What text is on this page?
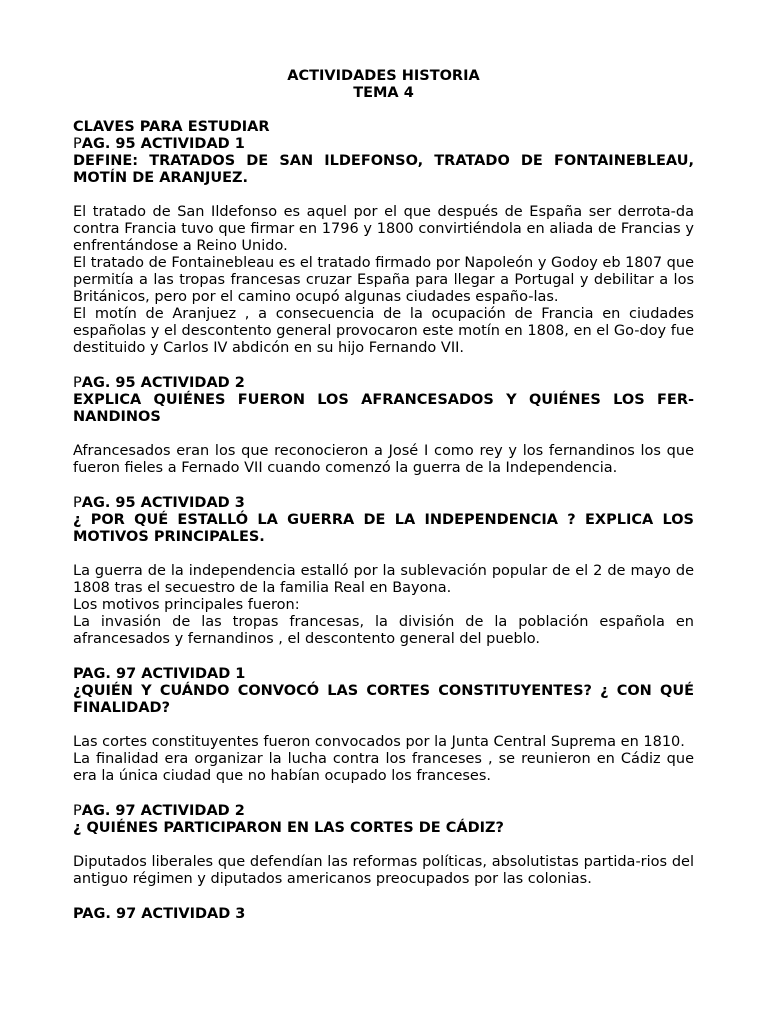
ACTIVIDADES HISTORIA
TEMA 4
CLAVES PARA ESTUDIAR
PAG. 95 ACTIVIDAD 1
DEFINE: TRATADOS DE SAN ILDEFONSO, TRATADO DE FONTAINEBLEAU, MOTÍN DE ARANJUEZ.

El tratado de San Ildefonso es aquel por el que después de España ser derrota-da contra Francia tuvo que firmar en 1796 y 1800 convirtiéndola en aliada de Francias y enfrentándose a Reino Unido.

El tratado de Fontainebleau es el tratado firmado por Napoleón y Godoy eb 1807 que permitía a las tropas francesas cruzar España para llegar a Portugal y debilitar a los Británicos, pero por el camino ocupó algunas ciudades españo-las.

El motín de Aranjuez , a consecuencia de la ocupación de Francia en ciudades españolas y el descontento general provocaron este motín en 1808, en el Go-doy fue destituido y Carlos IV abdicón en su hijo Fernando VII.

PAG. 95 ACTIVIDAD 2
EXPLICA QUIÉNES FUERON LOS AFRANCESADOS Y QUIÉNES LOS FER-NANDINOS

Afrancesados eran los que reconocieron a José I como rey y los fernandinos los que fueron fieles a Fernado VII cuando comenzó la guerra de la Independencia.

PAG. 95 ACTIVIDAD 3
¿ POR QUÉ ESTALLÓ LA GUERRA DE LA INDEPENDENCIA ? EXPLICA LOS MOTIVOS PRINCIPALES.

La guerra de la independencia estalló por la sublevación popular de el 2 de mayo de 1808 tras el secuestro de la familia Real en Bayona.

Los motivos principales fueron:

La invasión de las tropas francesas, la división de la población española en afrancesados y fernandinos , el descontento general del pueblo.

PAG. 97 ACTIVIDAD 1
¿QUIÉN Y CUÁNDO CONVOCÓ LAS CORTES CONSTITUYENTES? ¿ CON QUÉ FINALIDAD?

Las cortes constituyentes fueron convocados por la Junta Central Suprema en 1810.

La finalidad era organizar la lucha contra los franceses , se reunieron en Cádiz que era la única ciudad que no habían ocupado los franceses.

PAG. 97 ACTIVIDAD 2
¿ QUIÉNES PARTICIPARON EN LAS CORTES DE CÁDIZ?

Diputados liberales que defendían las reformas políticas, absolutistas partida-rios del antiguo régimen y diputados americanos preocupados por las colonias.

PAG. 97 ACTIVIDAD 3
